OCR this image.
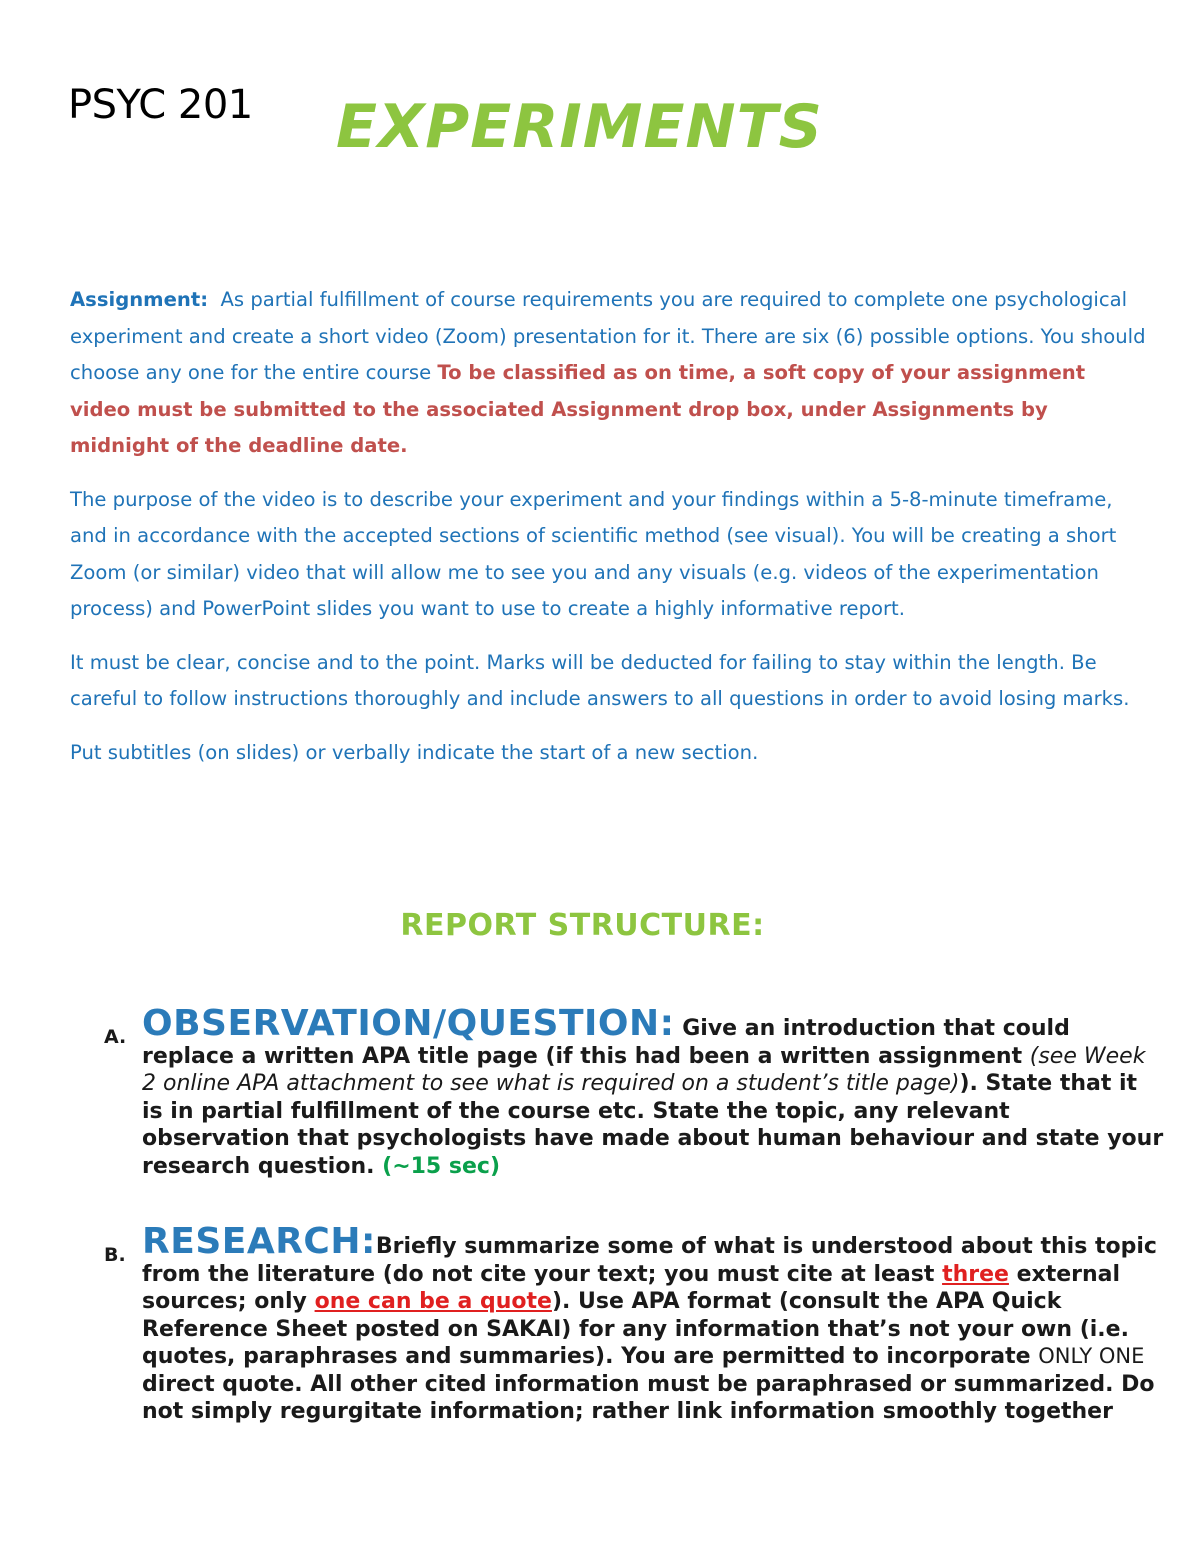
PSYC 201 EXPERIMENTS

Assignment: As partial fulfillment of course requirements you are required to complete one psychological experiment and create a short video (Zoom) presentation for it. There are six (6) possible options. You should choose any one for the entire course To be classified as on time, a soft copy of your assignment video must be submitted to the associated Assignment drop box, under Assignments by midnight of the deadline date.

The purpose of the video is to describe your experiment and your findings within a 5-8-minute timeframe, and in accordance with the accepted sections of scientific method (see visual). You will be creating a short Zoom (or similar) video that will allow me to see you and any visuals (e.g. videos of the experimentation process) and PowerPoint slides you want to use to create a highly informative report.

It must be clear, concise and to the point. Marks will be deducted for failing to stay within the length. Be careful to follow instructions thoroughly and include answers to all questions in order to avoid losing marks.

Put subtitles (on slides) or verbally indicate the start of a new section.

REPORT STRUCTURE:
A. OBSERVATION/QUESTION: Give an introduction that could replace a written APA title page (if this had been a written assignment (see Week 2 online APA attachment to see what is required on a student’s title page)). State that it is in partial fulfillment of the course etc. State the topic, any relevant observation that psychologists have made about human behaviour and state your research question. (~15 sec)
B. RESEARCH:Briefly summarize some of what is understood about this topic from the literature (do not cite your text; you must cite at least three external sources; only one can be a quote). Use APA format (consult the APA Quick Reference Sheet posted on SAKAI) for any information that’s not your own (i.e. quotes, paraphrases and summaries). You are permitted to incorporate ONLY ONE direct quote. All other cited information must be paraphrased or summarized. Do not simply regurgitate information; rather link information smoothly together
